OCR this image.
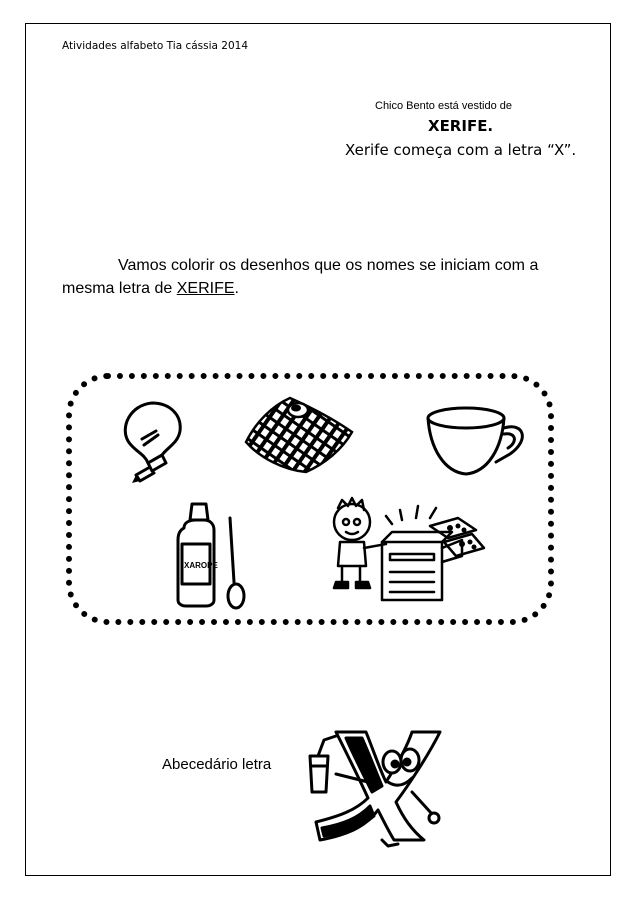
Atividades alfabeto Tia cássia 2014
Chico Bento está vestido de
XERIFE.
Xerife começa com a letra “X”.
Vamos colorir os desenhos que os nomes se iniciam com a
mesma letra de XERIFE.
XAROPE
Abecedário letra
